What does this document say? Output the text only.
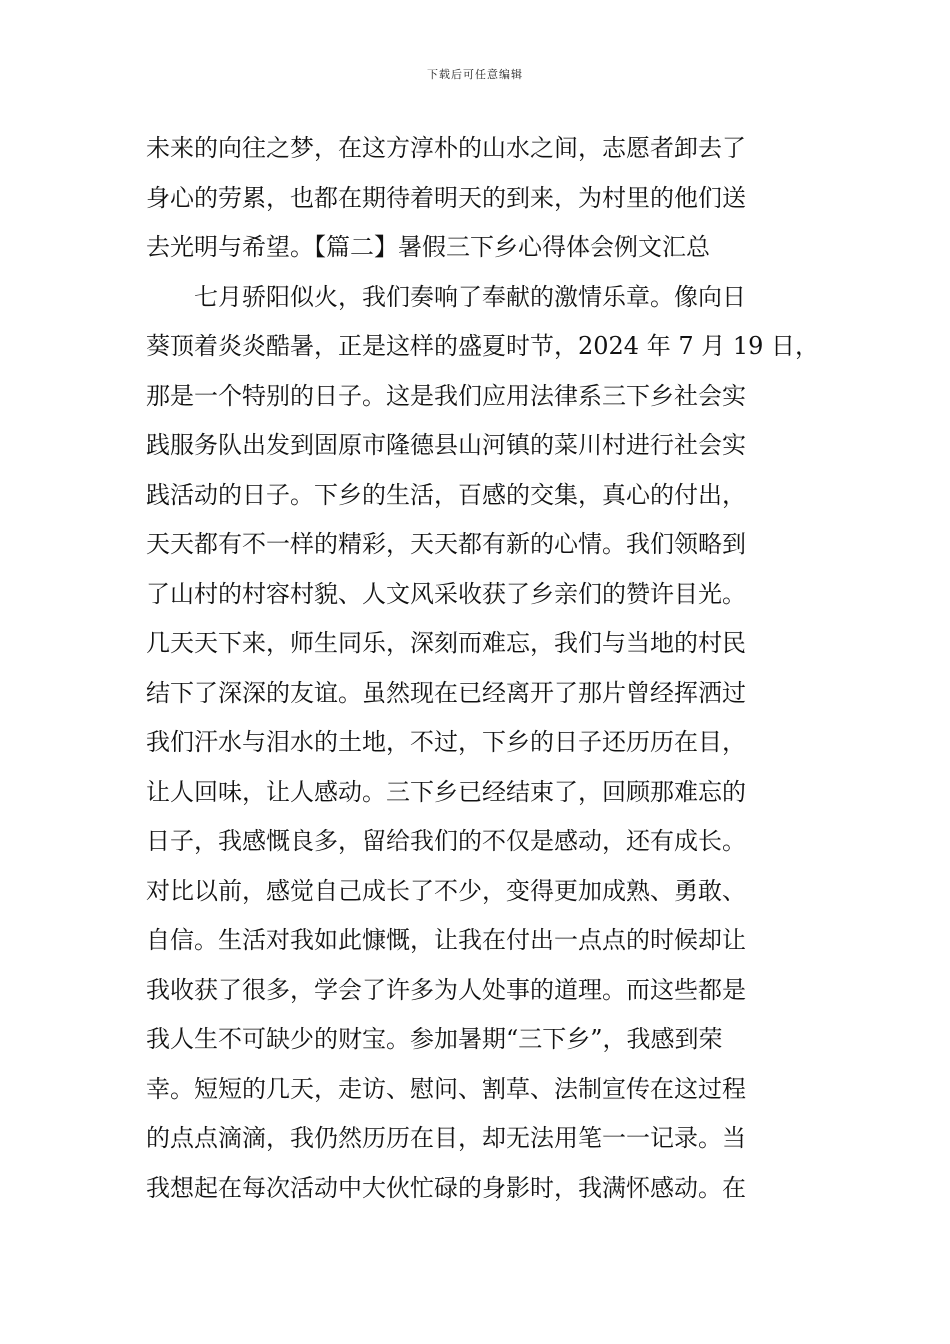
下载后可任意编辑
未来的向往之梦，在这方淳朴的山水之间，志愿者卸去了
身心的劳累，也都在期待着明天的到来，为村里的他们送
去光明与希望。【篇二】暑假三下乡心得体会例文汇总
　　七月骄阳似火，我们奏响了奉献的激情乐章。像向日
葵顶着炎炎酷暑，正是这样的盛夏时节，2024 年 7 月 19 日，
那是一个特别的日子。这是我们应用法律系三下乡社会实
践服务队出发到固原市隆德县山河镇的菜川村进行社会实
践活动的日子。下乡的生活，百感的交集，真心的付出，
天天都有不一样的精彩，天天都有新的心情。我们领略到
了山村的村容村貌、人文风采收获了乡亲们的赞许目光。
几天天下来，师生同乐，深刻而难忘，我们与当地的村民
结下了深深的友谊。虽然现在已经离开了那片曾经挥洒过
我们汗水与泪水的土地，不过，下乡的日子还历历在目，
让人回味，让人感动。三下乡已经结束了，回顾那难忘的
日子，我感慨良多，留给我们的不仅是感动，还有成长。
对比以前，感觉自己成长了不少，变得更加成熟、勇敢、
自信。生活对我如此慷慨，让我在付出一点点的时候却让
我收获了很多，学会了许多为人处事的道理。而这些都是
我人生不可缺少的财宝。参加暑期“三下乡”，我感到荣
幸。短短的几天，走访、慰问、割草、法制宣传在这过程
的点点滴滴，我仍然历历在目，却无法用笔一一记录。当
我想起在每次活动中大伙忙碌的身影时，我满怀感动。在
